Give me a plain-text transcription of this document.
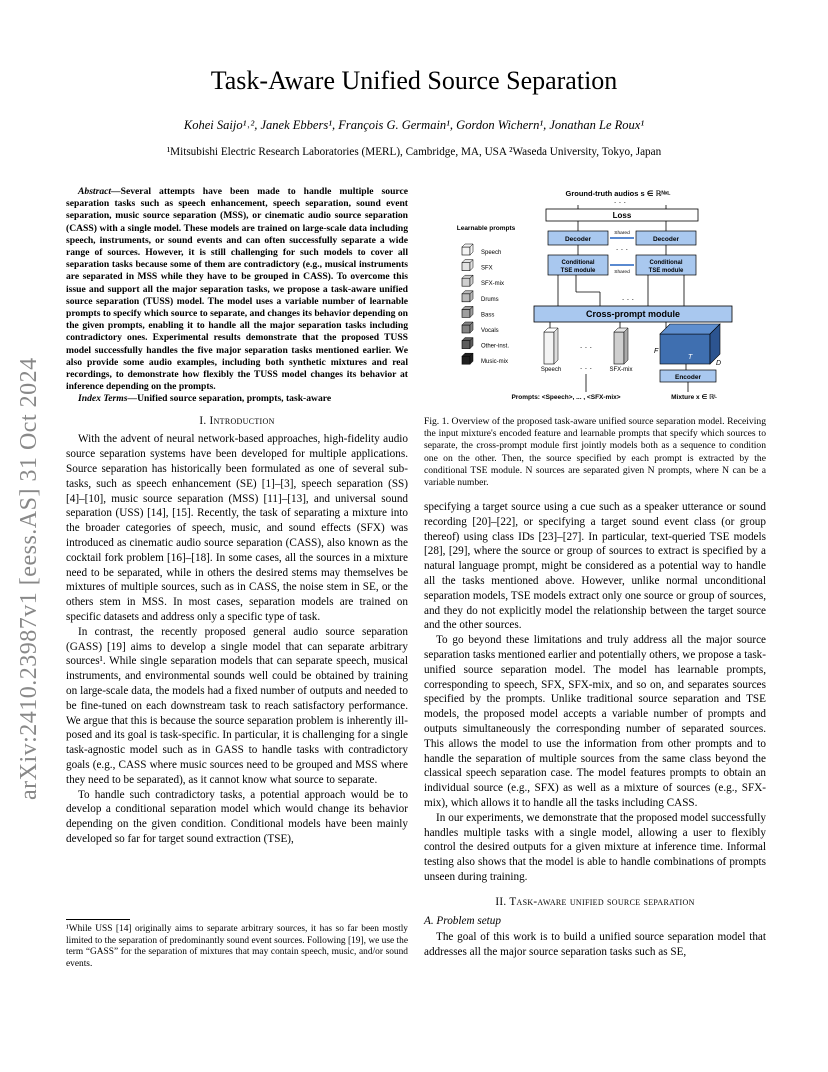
arXiv:2410.23987v1 [eess.AS] 31 Oct 2024
Task-Aware Unified Source Separation
Kohei Saijo¹˒², Janek Ebbers¹, François G. Germain¹, Gordon Wichern¹, Jonathan Le Roux¹
¹Mitsubishi Electric Research Laboratories (MERL), Cambridge, MA, USA ²Waseda University, Tokyo, Japan

Abstract—Several attempts have been made to handle multiple source separation tasks such as speech enhancement, speech separation, sound event separation, music source separation (MSS), or cinematic audio source separation (CASS) with a single model. These models are trained on large-scale data including speech, instruments, or sound events and can often successfully separate a wide range of sources. However, it is still challenging for such models to cover all separation tasks because some of them are contradictory (e.g., musical instruments are separated in MSS while they have to be grouped in CASS). To overcome this issue and support all the major separation tasks, we propose a task-aware unified source separation (TUSS) model. The model uses a variable number of learnable prompts to specify which source to separate, and changes its behavior depending on the given prompts, enabling it to handle all the major separation tasks including contradictory ones. Experimental results demonstrate that the proposed TUSS model successfully handles the five major separation tasks mentioned earlier. We also provide some audio examples, including both synthetic mixtures and real recordings, to demonstrate how flexibly the TUSS model changes its behavior at inference depending on the prompts.

Index Terms—Unified source separation, prompts, task-aware

I. Introduction

With the advent of neural network-based approaches, high-fidelity audio source separation systems have been developed for multiple applications. Source separation has historically been formulated as one of several sub-tasks, such as speech enhancement (SE) [1]–[3], speech separation (SS) [4]–[10], music source separation (MSS) [11]–[13], and universal sound separation (USS) [14], [15]. Recently, the task of separating a mixture into the broader categories of speech, music, and sound effects (SFX) was introduced as cinematic audio source separation (CASS), also known as the cocktail fork problem [16]–[18]. In some cases, all the sources in a mixture need to be separated, while in others the desired stems may themselves be mixtures of multiple sources, such as in CASS, the noise stem in SE, or the others stem in MSS. In most cases, separation models are trained on specific datasets and address only a specific type of task.

In contrast, the recently proposed general audio source separation (GASS) [19] aims to develop a single model that can separate arbitrary sources¹. While single separation models that can separate speech, musical instruments, and environmental sounds well could be obtained by training on large-scale data, the models had a fixed number of outputs and needed to be fine-tuned on each downstream task to reach satisfactory performance. We argue that this is because the source separation problem is inherently ill-posed and its goal is task-specific. In particular, it is challenging for a single task-agnostic model such as in GASS to handle tasks with contradictory goals (e.g., CASS where music sources need to be grouped and MSS where they need to be separated), as it cannot know what source to separate.

To handle such contradictory tasks, a potential approach would be to develop a conditional separation model which would change its behavior depending on the given condition. Conditional models have been mainly developed so far for target sound extraction (TSE),

¹While USS [14] originally aims to separate arbitrary sources, it has so far been mostly limited to the separation of predominantly sound event sources. Following [19], we use the term “GASS” for the separation of mixtures that may contain speech, music, and/or sound events.
Ground-truth audios s ∈ ℝᴺˣᴸ
· · ·
Loss
Learnable prompts
Decoder	Decoder
Shared
· · ·
Conditional TSE module
Conditional TSE module
Shared
· · ·
Cross-prompt module
· · ·
Speech · · ·	SFX-mix
F
T
D
Encoder
Prompts: <Speech>, ... , <SFX-mix>	Mixture x ∈ ℝᴸ
Speech
SFX
SFX-mix
Drums
Bass
Vocals
Other-inst.
Music-mix
Fig. 1. Overview of the proposed task-aware unified source separation model. Receiving the input mixture's encoded feature and learnable prompts that specify which sources to separate, the cross-prompt module first jointly models both as a sequence to condition one on the other. Then, the source specified by each prompt is extracted by the conditional TSE module. N sources are separated given N prompts, where N can be a variable number.

specifying a target source using a cue such as a speaker utterance or sound recording [20]–[22], or specifying a target sound event class (or group thereof) using class IDs [23]–[27]. In particular, text-queried TSE models [28], [29], where the source or group of sources to extract is specified by a natural language prompt, might be considered as a potential way to handle all the tasks mentioned above. However, unlike normal unconditional separation models, TSE models extract only one source or group of sources, and they do not explicitly model the relationship between the target source and the other sources.

To go beyond these limitations and truly address all the major source separation tasks mentioned earlier and potentially others, we propose a task-unified source separation model. The model has learnable prompts, corresponding to speech, SFX, SFX-mix, and so on, and separates sources specified by the prompts. Unlike traditional source separation and TSE models, the proposed model accepts a variable number of prompts and outputs simultaneously the corresponding number of separated sources. This allows the model to use the information from other prompts and to handle the separation of multiple sources from the same class beyond the classical speech separation case. The model features prompts to obtain an individual source (e.g., SFX) as well as a mixture of sources (e.g., SFX-mix), which allows it to handle all the tasks including CASS.

In our experiments, we demonstrate that the proposed model successfully handles multiple tasks with a single model, allowing a user to flexibly control the desired outputs for a given mixture at inference time. Informal testing also shows that the model is able to handle combinations of prompts unseen during training.

II. Task-aware unified source separation
A. Problem setup

The goal of this work is to build a unified source separation model that addresses all the major source separation tasks such as SE,
